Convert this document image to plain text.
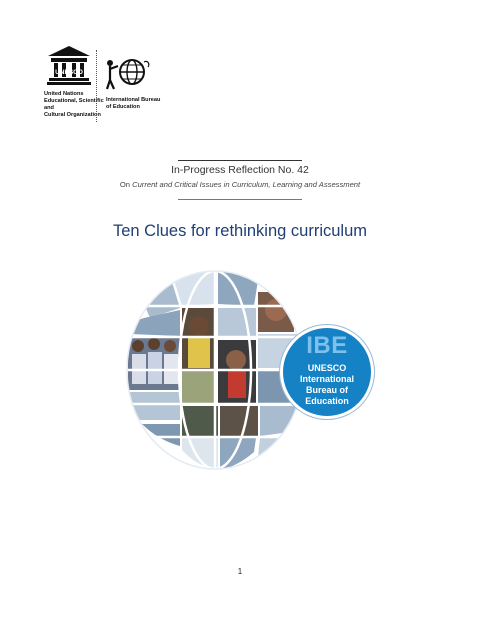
UNESCO
United Nations
Educational, Scientific and
Cultural Organization
International Bureau
of Education
In-Progress Reflection No. 42
On Current and Critical Issues in Curriculum, Learning and Assessment
Ten Clues for rethinking curriculum
IBE
UNESCO
International
Bureau of
Education
1
